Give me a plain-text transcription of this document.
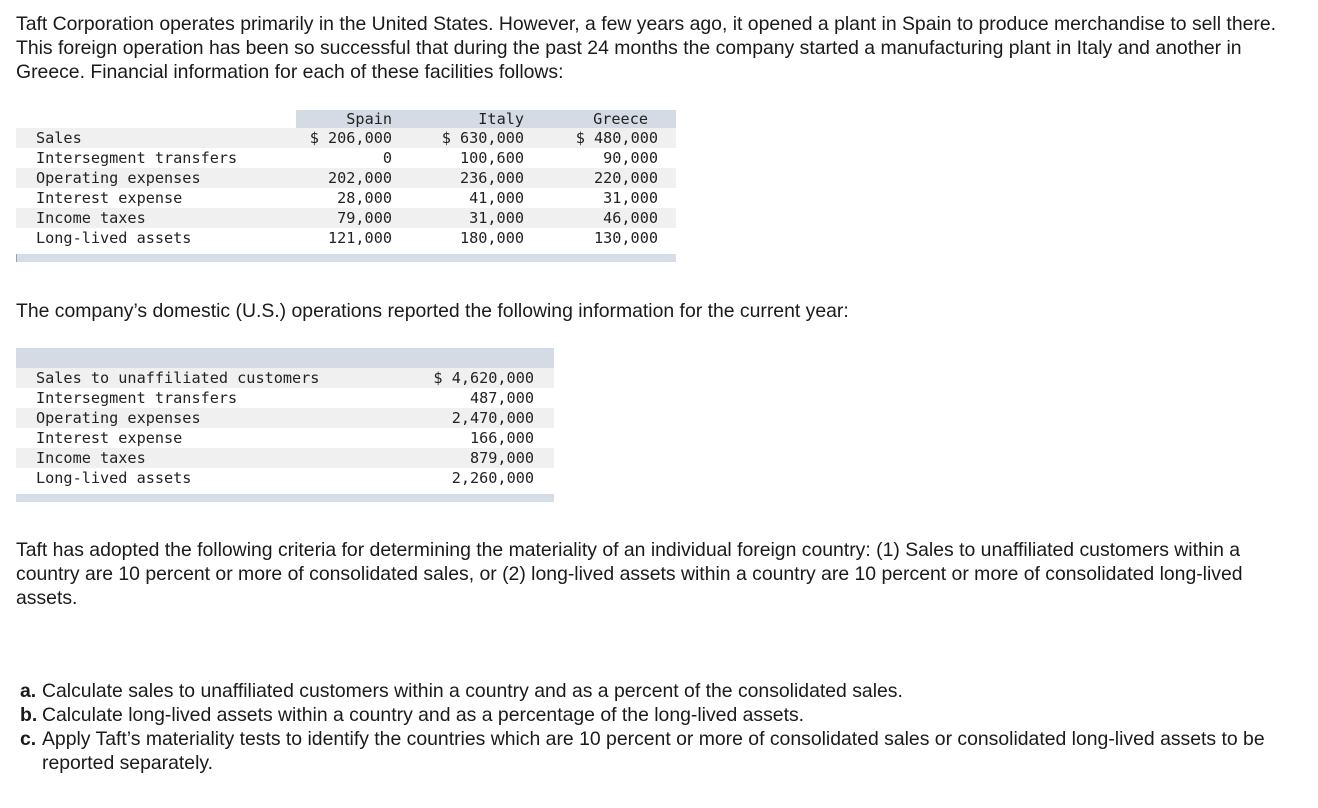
Taft Corporation operates primarily in the United States. However, a few years ago, it opened a plant in Spain to produce merchandise to sell there. This foreign operation has been so successful that during the past 24 months the company started a manufacturing plant in Italy and another in Greece. Financial information for each of these facilities follows:

Spain	Italy	Greece
Sales	$ 206,000	$ 630,000	$ 480,000
Intersegment transfers	0	100,600	90,000
Operating expenses	202,000	236,000	220,000
Interest expense	28,000	41,000	31,000
Income taxes	79,000	31,000	46,000
Long-lived assets	121,000	180,000	130,000

The company’s domestic (U.S.) operations reported the following information for the current year:

Sales to unaffiliated customers	$ 4,620,000
Intersegment transfers	487,000
Operating expenses	2,470,000
Interest expense	166,000
Income taxes	879,000
Long-lived assets	2,260,000

Taft has adopted the following criteria for determining the materiality of an individual foreign country: (1) Sales to unaffiliated customers within a country are 10 percent or more of consolidated sales, or (2) long-lived assets within a country are 10 percent or more of consolidated long-lived assets.

a. Calculate sales to unaffiliated customers within a country and as a percent of the consolidated sales.
b. Calculate long-lived assets within a country and as a percentage of the long-lived assets.
c. Apply Taft’s materiality tests to identify the countries which are 10 percent or more of consolidated sales or consolidated long-lived assets to be reported separately.
